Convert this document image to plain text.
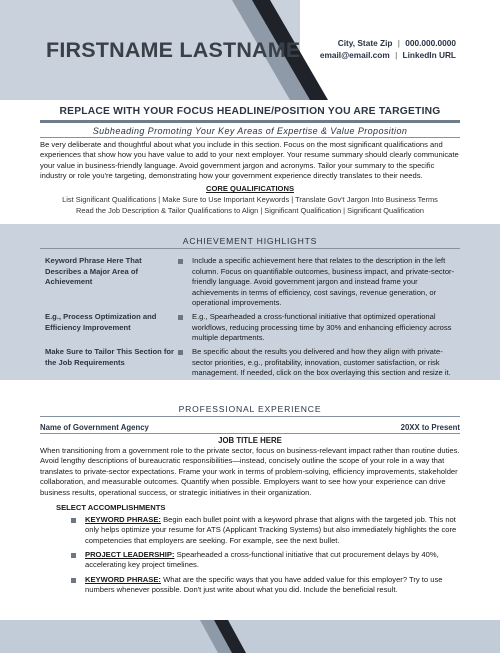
FIRSTNAME LASTNAME	City, State Zip | 000.000.0000
email@email.com | LinkedIn URL
REPLACE WITH YOUR FOCUS HEADLINE/POSITION YOU ARE TARGETING
Subheading Promoting Your Key Areas of Expertise & Value Proposition
Be very deliberate and thoughtful about what you include in this section. Focus on the most significant qualifications and experiences that show how you have value to add to your next employer. Your resume summary should clearly communicate your value in business-friendly language. Avoid government jargon and acronyms. Tailor your summary to the specific industry or role you're targeting, demonstrating how your government experience directly translates to their needs.
CORE QUALIFICATIONS
List Significant Qualifications | Make Sure to Use Important Keywords | Translate Gov't Jargon Into Business Terms
Read the Job Description & Tailor Qualifications to Align | Significant Qualification | Significant Qualification
ACHIEVEMENT HIGHLIGHTS
Keyword Phrase Here That Describes a Major Area of Achievement
Include a specific achievement here that relates to the description in the left column. Focus on quantifiable outcomes, business impact, and private-sector-friendly language. Avoid government jargon and instead frame your achievements in terms of efficiency, cost savings, revenue generation, or operational improvements.
E.g., Process Optimization and Efficiency Improvement
E.g., Spearheaded a cross-functional initiative that optimized operational workflows, reducing processing time by 30% and enhancing efficiency across multiple departments.
Make Sure to Tailor This Section for the Job Requirements
Be specific about the results you delivered and how they align with private-sector priorities, e.g., profitability, innovation, customer satisfaction, or risk management. If needed, click on the box overlaying this section and resize it.
PROFESSIONAL EXPERIENCE
Name of Government Agency	20XX to Present
JOB TITLE HERE
When transitioning from a government role to the private sector, focus on business-relevant impact rather than routine duties. Avoid lengthy descriptions of bureaucratic responsibilities—instead, concisely outline the scope of your role in a way that translates to private-sector expectations. Frame your work in terms of problem-solving, efficiency improvements, stakeholder collaboration, and measurable outcomes. Quantify when possible. Employers want to see how your experience can drive business results, operational success, or strategic initiatives in their organization.
SELECT ACCOMPLISHMENTS
KEYWORD PHRASE: Begin each bullet point with a keyword phrase that aligns with the targeted job. This not only helps optimize your resume for ATS (Applicant Tracking Systems) but also immediately highlights the core competencies that employers are seeking. For example, see the next bullet.
PROJECT LEADERSHIP: Spearheaded a cross-functional initiative that cut procurement delays by 40%, accelerating key project timelines.
KEYWORD PHRASE: What are the specific ways that you have added value for this employer? Try to use numbers whenever possible. Don't just write about what you did. Include the beneficial result.
